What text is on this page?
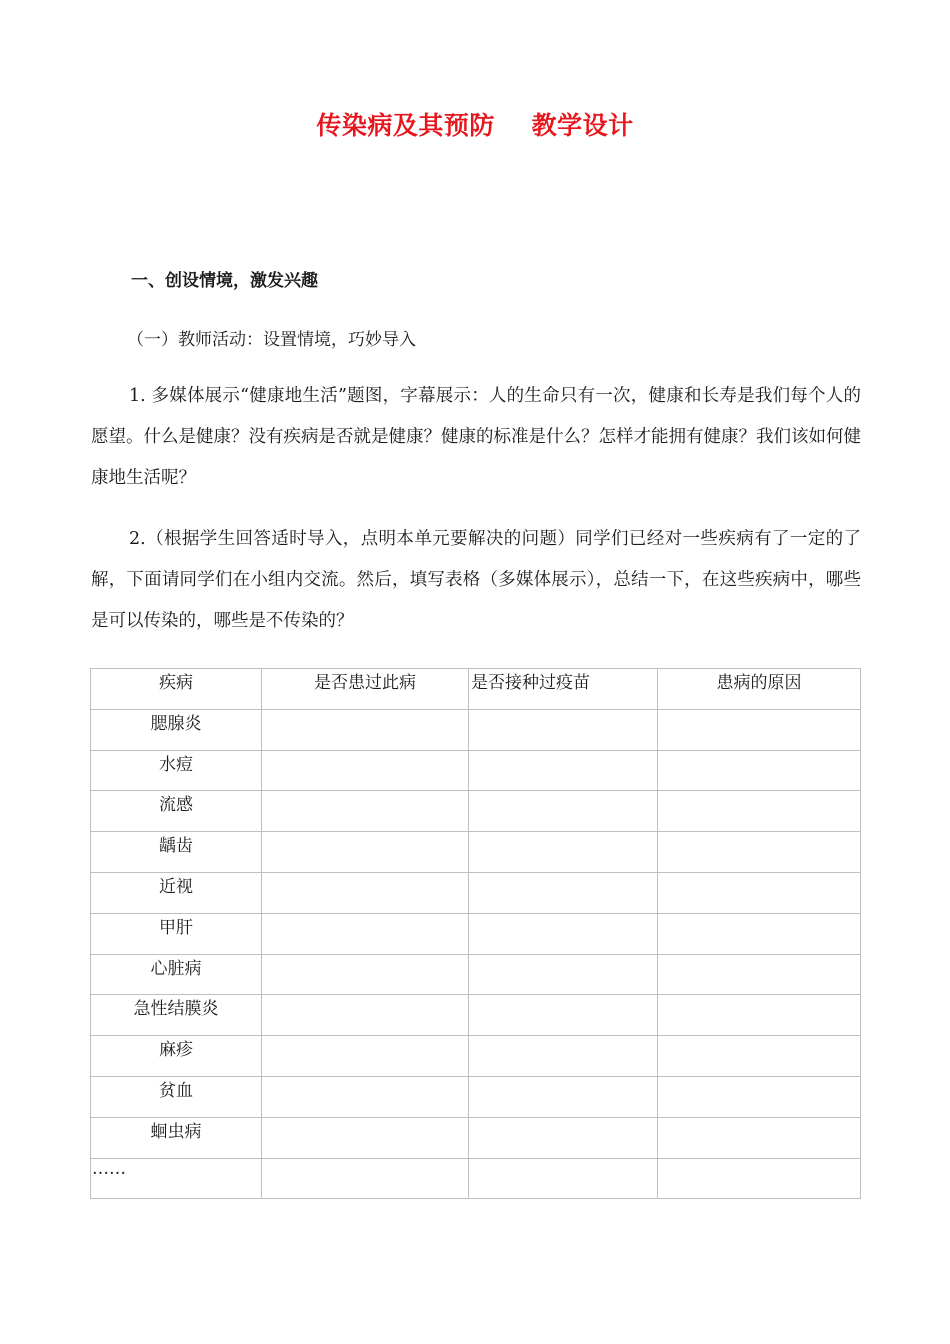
传染病及其预防    教学设计
一、创设情境，激发兴趣
（一）教师活动：设置情境，巧妙导入

1. 多媒体展示“健康地生活”题图，字幕展示：人的生命只有一次，健康和长寿是我们每个人的愿望。什么是健康？没有疾病是否就是健康？健康的标准是什么？怎样才能拥有健康？我们该如何健康地生活呢？

2.（根据学生回答适时导入，点明本单元要解决的问题）同学们已经对一些疾病有了一定的了解，下面请同学们在小组内交流。然后，填写表格（多媒体展示），总结一下，在这些疾病中，哪些是可以传染的，哪些是不传染的？

疾病	是否患过此病	是否接种过疫苗	患病的原因
腮腺炎			
水痘			
流感			
龋齿			
近视			
甲肝			
心脏病			
急性结膜炎			
麻疹			
贫血			
蛔虫病			
……			
